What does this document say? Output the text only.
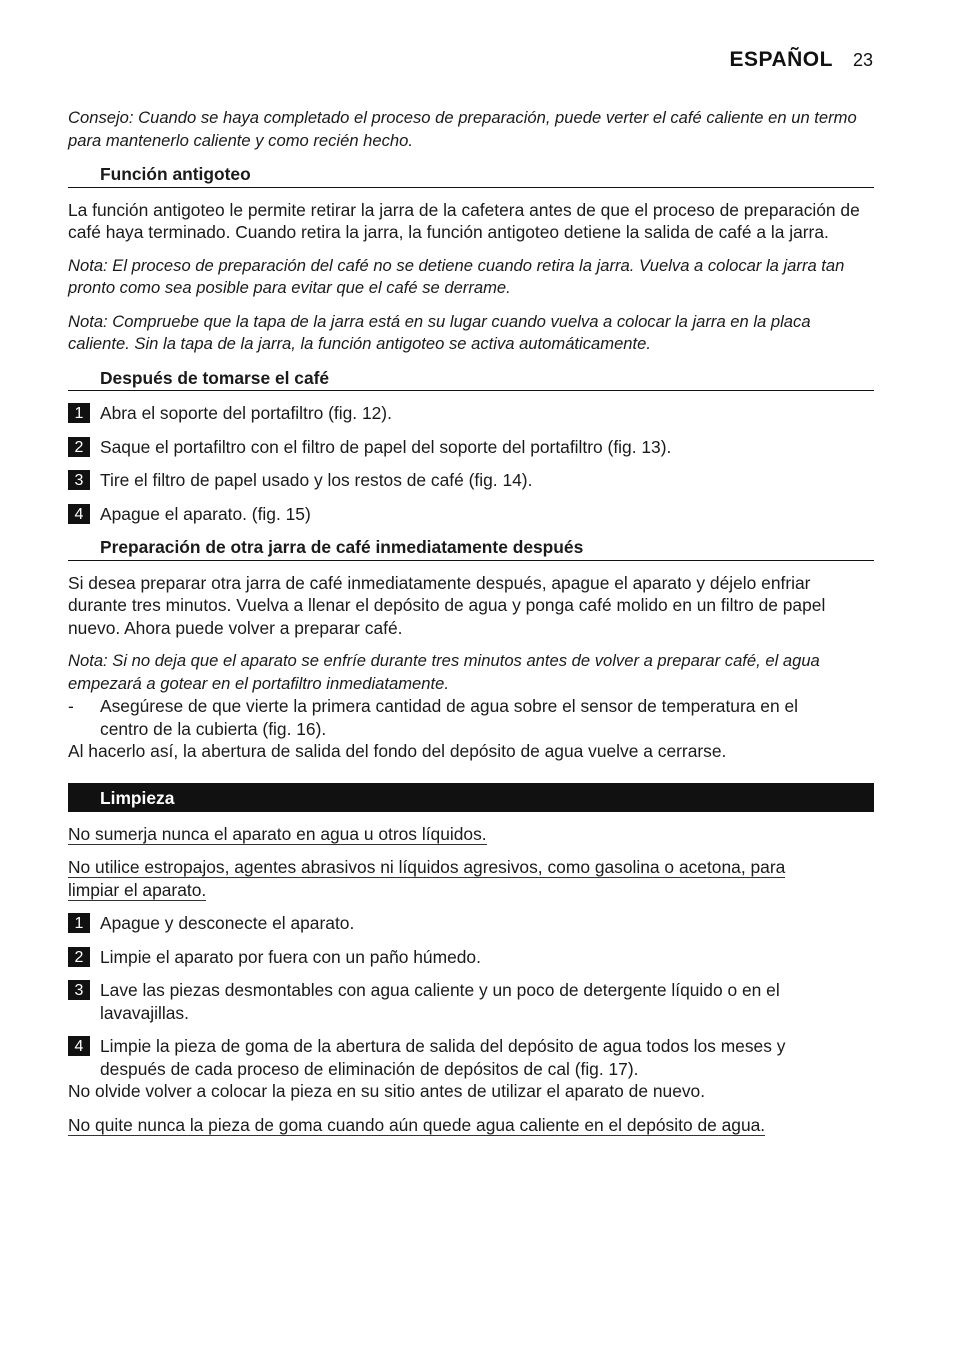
ESPAÑOL 23

Consejo: Cuando se haya completado el proceso de preparación, puede verter el café caliente en un termo para mantenerlo caliente y como recién hecho.

Función antigoteo

La función antigoteo le permite retirar la jarra de la cafetera antes de que el proceso de preparación de café haya terminado. Cuando retira la jarra, la función antigoteo detiene la salida de café a la jarra.

Nota: El proceso de preparación del café no se detiene cuando retira la jarra. Vuelva a colocar la jarra tan pronto como sea posible para evitar que el café se derrame.

Nota: Compruebe que la tapa de la jarra está en su lugar cuando vuelva a colocar la jarra en la placa caliente. Sin la tapa de la jarra, la función antigoteo se activa automáticamente.

Después de tomarse el café
1 Abra el soporte del portafiltro (fig. 12).
2 Saque el portafiltro con el filtro de papel del soporte del portafiltro (fig. 13).
3 Tire el filtro de papel usado y los restos de café (fig. 14).
4 Apague el aparato. (fig. 15)
Preparación de otra jarra de café inmediatamente después

Si desea preparar otra jarra de café inmediatamente después, apague el aparato y déjelo enfriar durante tres minutos. Vuelva a llenar el depósito de agua y ponga café molido en un filtro de papel nuevo. Ahora puede volver a preparar café.

Nota: Si no deja que el aparato se enfríe durante tres minutos antes de volver a preparar café, el agua empezará a gotear en el portafiltro inmediatamente.

-	Asegúrese de que vierte la primera cantidad de agua sobre el sensor de temperatura en el centro de la cubierta (fig. 16).

Al hacerlo así, la abertura de salida del fondo del depósito de agua vuelve a cerrarse.

Limpieza

No sumerja nunca el aparato en agua u otros líquidos.

No utilice estropajos, agentes abrasivos ni líquidos agresivos, como gasolina o acetona, para limpiar el aparato.

1 Apague y desconecte el aparato.
2 Limpie el aparato por fuera con un paño húmedo.
3 Lave las piezas desmontables con agua caliente y un poco de detergente líquido o en el lavavajillas.
4 Limpie la pieza de goma de la abertura de salida del depósito de agua todos los meses y después de cada proceso de eliminación de depósitos de cal (fig. 17).

No olvide volver a colocar la pieza en su sitio antes de utilizar el aparato de nuevo.

No quite nunca la pieza de goma cuando aún quede agua caliente en el depósito de agua.
